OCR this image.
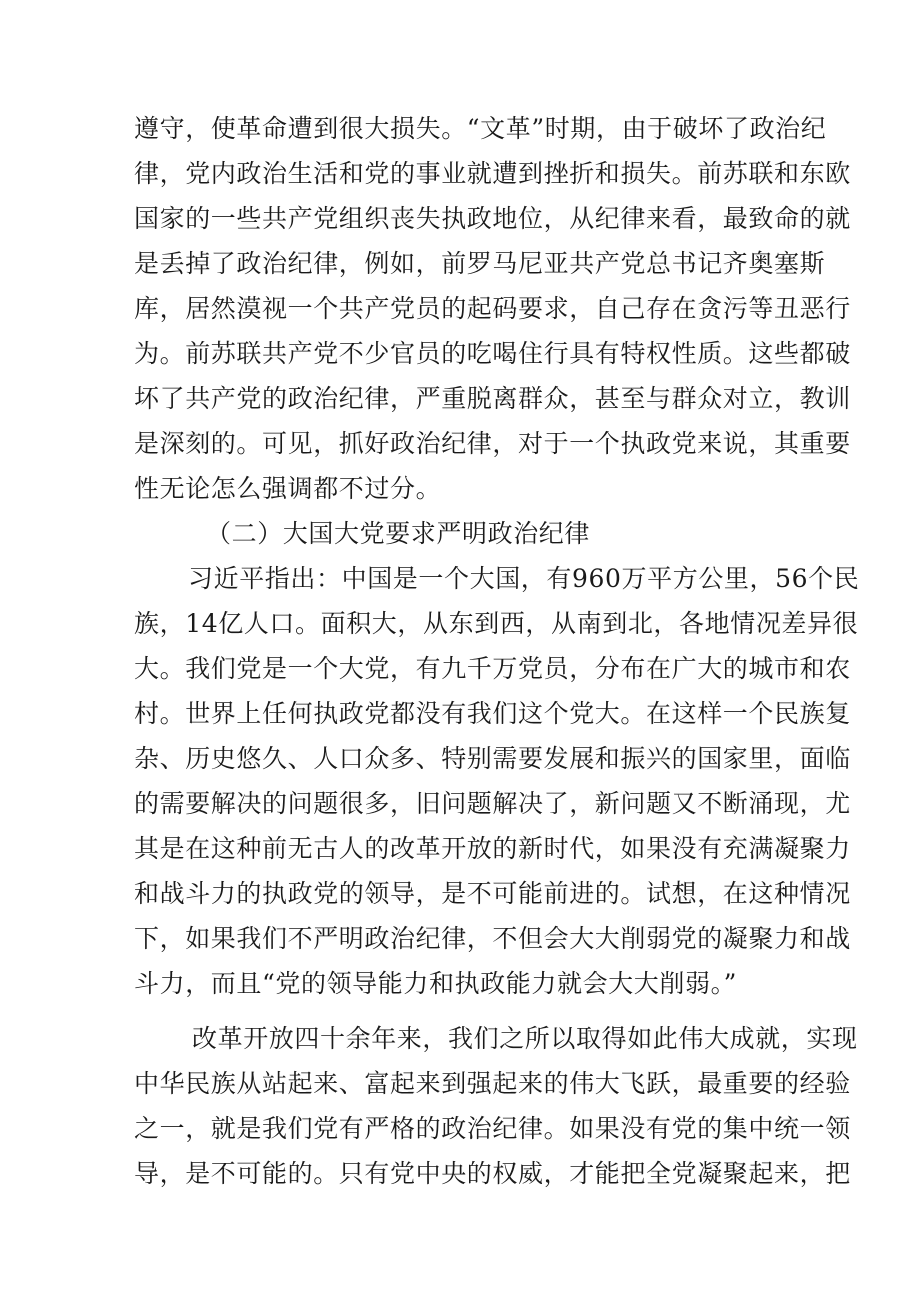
遵守，使革命遭到很大损失。“文革”时期，由于破坏了政治纪
律，党内政治生活和党的事业就遭到挫折和损失。前苏联和东欧
国家的一些共产党组织丧失执政地位，从纪律来看，最致命的就
是丢掉了政治纪律，例如，前罗马尼亚共产党总书记齐奥塞斯
库，居然漠视一个共产党员的起码要求，自己存在贪污等丑恶行
为。前苏联共产党不少官员的吃喝住行具有特权性质。这些都破
坏了共产党的政治纪律，严重脱离群众，甚至与群众对立，教训
是深刻的。可见，抓好政治纪律，对于一个执政党来说，其重要
性无论怎么强调都不过分。
（二）大国大党要求严明政治纪律
习近平指出：中国是一个大国，有960万平方公里，56个民
族，14亿人口。面积大，从东到西，从南到北，各地情况差异很
大。我们党是一个大党，有九千万党员，分布在广大的城市和农
村。世界上任何执政党都没有我们这个党大。在这样一个民族复
杂、历史悠久、人口众多、特别需要发展和振兴的国家里，面临
的需要解决的问题很多，旧问题解决了，新问题又不断涌现，尤
其是在这种前无古人的改革开放的新时代，如果没有充满凝聚力
和战斗力的执政党的领导，是不可能前进的。试想，在这种情况
下，如果我们不严明政治纪律，不但会大大削弱党的凝聚力和战
斗力，而且“党的领导能力和执政能力就会大大削弱。”
改革开放四十余年来，我们之所以取得如此伟大成就，实现
中华民族从站起来、富起来到强起来的伟大飞跃，最重要的经验
之一，就是我们党有严格的政治纪律。如果没有党的集中统一领
导，是不可能的。只有党中央的权威，才能把全党凝聚起来，把
